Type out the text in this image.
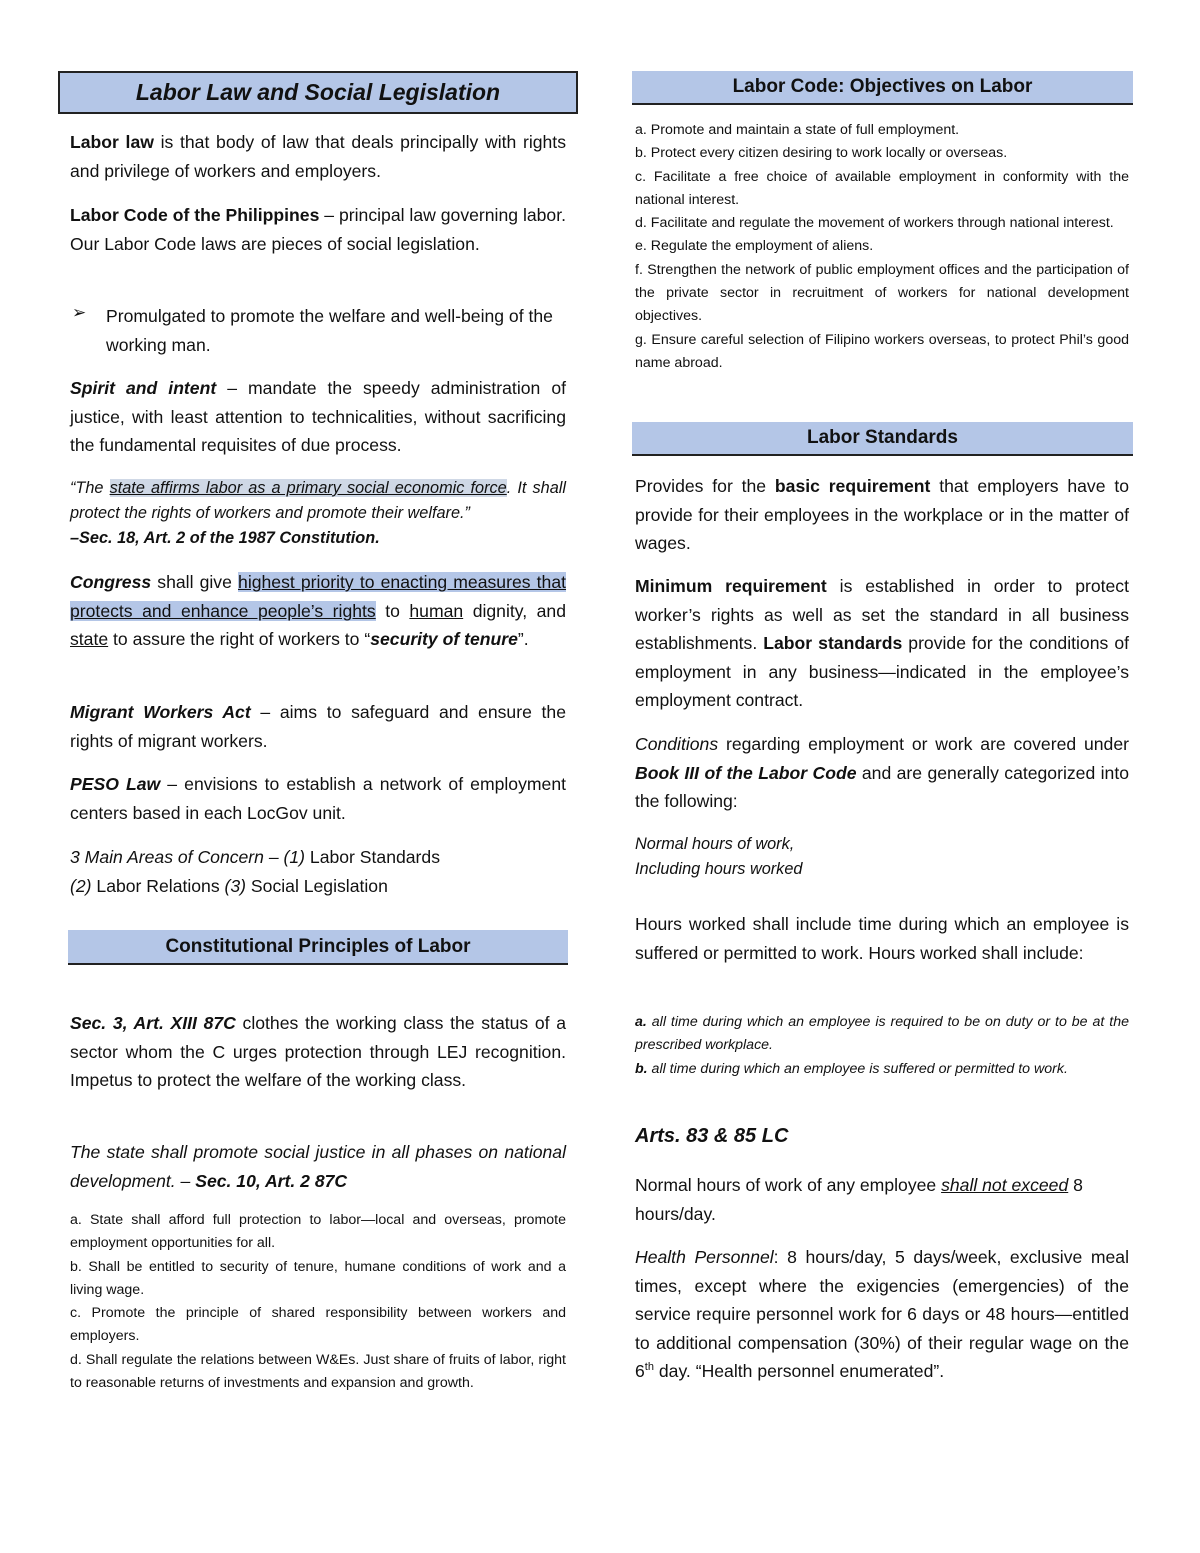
Labor Law and Social Legislation
Labor law is that body of law that deals principally with rights and privilege of workers and employers.
Labor Code of the Philippines – principal law governing labor. Our Labor Code laws are pieces of social legislation.
➢ Promulgated to promote the welfare and well-being of the working man.
Spirit and intent – mandate the speedy administration of justice, with least attention to technicalities, without sacrificing the fundamental requisites of due process.
“The state affirms labor as a primary social economic force. It shall protect the rights of workers and promote their welfare.”
–Sec. 18, Art. 2 of the 1987 Constitution.
Congress shall give highest priority to enacting measures that protects and enhance people’s rights to human dignity, and state to assure the right of workers to “security of tenure”.
Migrant Workers Act – aims to safeguard and ensure the rights of migrant workers.
PESO Law – envisions to establish a network of employment centers based in each LocGov unit.
3 Main Areas of Concern – (1) Labor Standards
(2) Labor Relations (3) Social Legislation
Constitutional Principles of Labor
Sec. 3, Art. XIII 87C clothes the working class the status of a sector whom the C urges protection through LEJ recognition. Impetus to protect the welfare of the working class.
The state shall promote social justice in all phases on national development. – Sec. 10, Art. 2 87C

a. State shall afford full protection to labor—local and overseas, promote employment opportunities for all.

b. Shall be entitled to security of tenure, humane conditions of work and a living wage.

c. Promote the principle of shared responsibility between workers and employers.

d. Shall regulate the relations between W&Es. Just share of fruits of labor, right to reasonable returns of investments and expansion and growth.

Labor Code: Objectives on Labor

a. Promote and maintain a state of full employment.

b. Protect every citizen desiring to work locally or overseas.

c. Facilitate a free choice of available employment in conformity with the national interest.

d. Facilitate and regulate the movement of workers through national interest.

e. Regulate the employment of aliens.

f. Strengthen the network of public employment offices and the participation of the private sector in recruitment of workers for national development objectives.

g. Ensure careful selection of Filipino workers overseas, to protect Phil’s good name abroad.

Labor Standards
Provides for the basic requirement that employers have to provide for their employees in the workplace or in the matter of wages.
Minimum requirement is established in order to protect worker’s rights as well as set the standard in all business establishments. Labor standards provide for the conditions of employment in any business—indicated in the employee’s employment contract.
Conditions regarding employment or work are covered under Book III of the Labor Code and are generally categorized into the following:

Normal hours of work,

Including hours worked

Hours worked shall include time during which an employee is suffered or permitted to work. Hours worked shall include:

a. all time during which an employee is required to be on duty or to be at the prescribed workplace.

b. all time during which an employee is suffered or permitted to work.

Arts. 83 & 85 LC
Normal hours of work of any employee shall not exceed 8 hours/day.
Health Personnel: 8 hours/day, 5 days/week, exclusive meal times, except where the exigencies (emergencies) of the service require personnel work for 6 days or 48 hours—entitled to additional compensation (30%) of their regular wage on the 6th day. “Health personnel enumerated”.
